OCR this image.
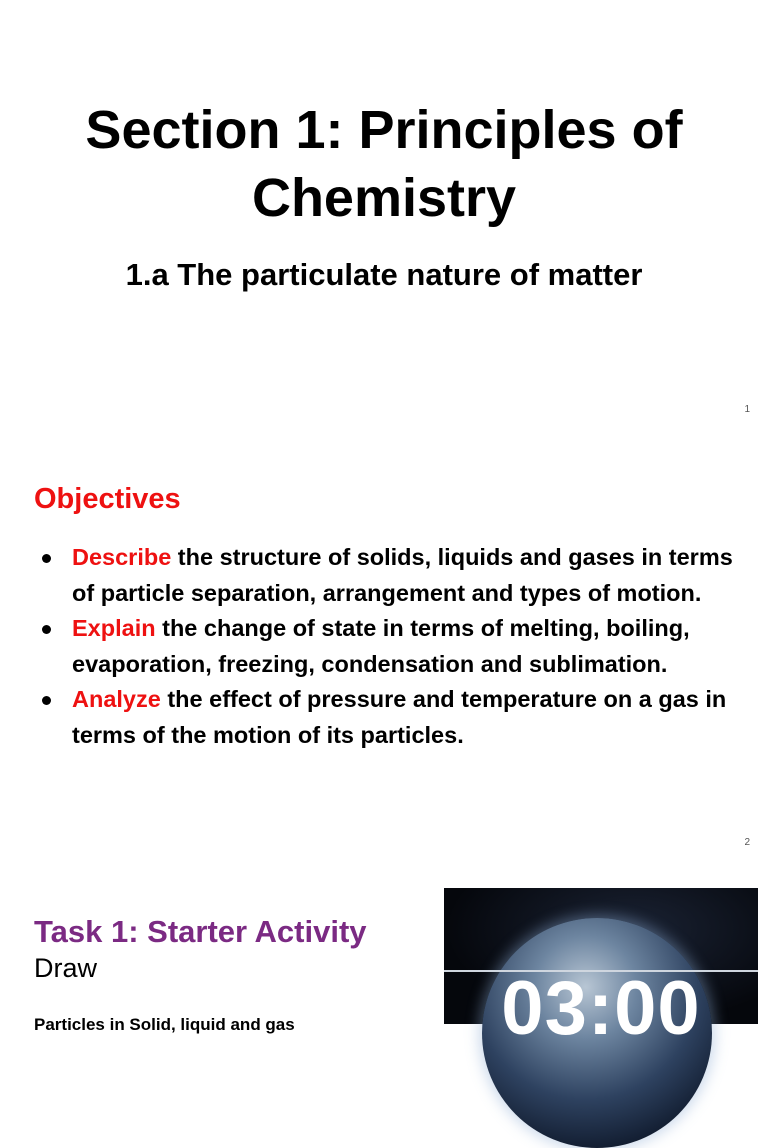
Section 1: Principles of Chemistry
1.a The particulate nature of matter
1
Objectives
Describe the structure of solids, liquids and gases in terms of particle separation, arrangement and types of motion.
Explain the change of state in terms of melting, boiling, evaporation, freezing, condensation and sublimation.
Analyze the effect of pressure and temperature on a gas in terms of the motion of its particles.
2
Task 1: Starter Activity
Draw
Particles in Solid, liquid and gas	03:00
